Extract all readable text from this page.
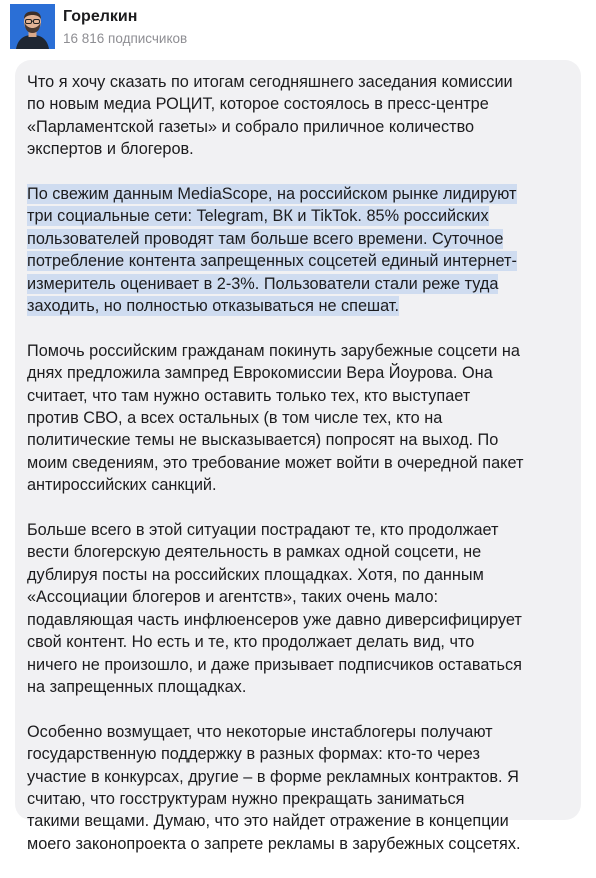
Горелкин
16 816 подписчиков

Что я хочу сказать по итогам сегодняшнего заседания комиссии
по новым медиа РОЦИТ, которое состоялось в пресс-центре
«Парламентской газеты» и собрало приличное количество
экспертов и блогеров.

По свежим данным MediaScope, на российском рынке лидируют
три социальные сети: Telegram, ВК и TikTok. 85% российских
пользователей проводят там больше всего времени. Суточное
потребление контента запрещенных соцсетей единый интернет-
измеритель оценивает в 2-3%. Пользователи стали реже туда
заходить, но полностью отказываться не спешат.

Помочь российским гражданам покинуть зарубежные соцсети на
днях предложила зампред Еврокомиссии Вера Йоурова. Она
считает, что там нужно оставить только тех, кто выступает
против СВО, а всех остальных (в том числе тех, кто на
политические темы не высказывается) попросят на выход. По
моим сведениям, это требование может войти в очередной пакет
антироссийских санкций.

Больше всего в этой ситуации пострадают те, кто продолжает
вести блогерскую деятельность в рамках одной соцсети, не
дублируя посты на российских площадках. Хотя, по данным
«Ассоциации блогеров и агентств», таких очень мало:
подавляющая часть инфлюенсеров уже давно диверсифицирует
свой контент. Но есть и те, кто продолжает делать вид, что
ничего не произошло, и даже призывает подписчиков оставаться
на запрещенных площадках.

Особенно возмущает, что некоторые инстаблогеры получают
государственную поддержку в разных формах: кто-то через
участие в конкурсах, другие – в форме рекламных контрактов. Я
считаю, что госструктурам нужно прекращать заниматься
такими вещами. Думаю, что это найдет отражение в концепции
моего законопроекта о запрете рекламы в зарубежных соцсетях.
